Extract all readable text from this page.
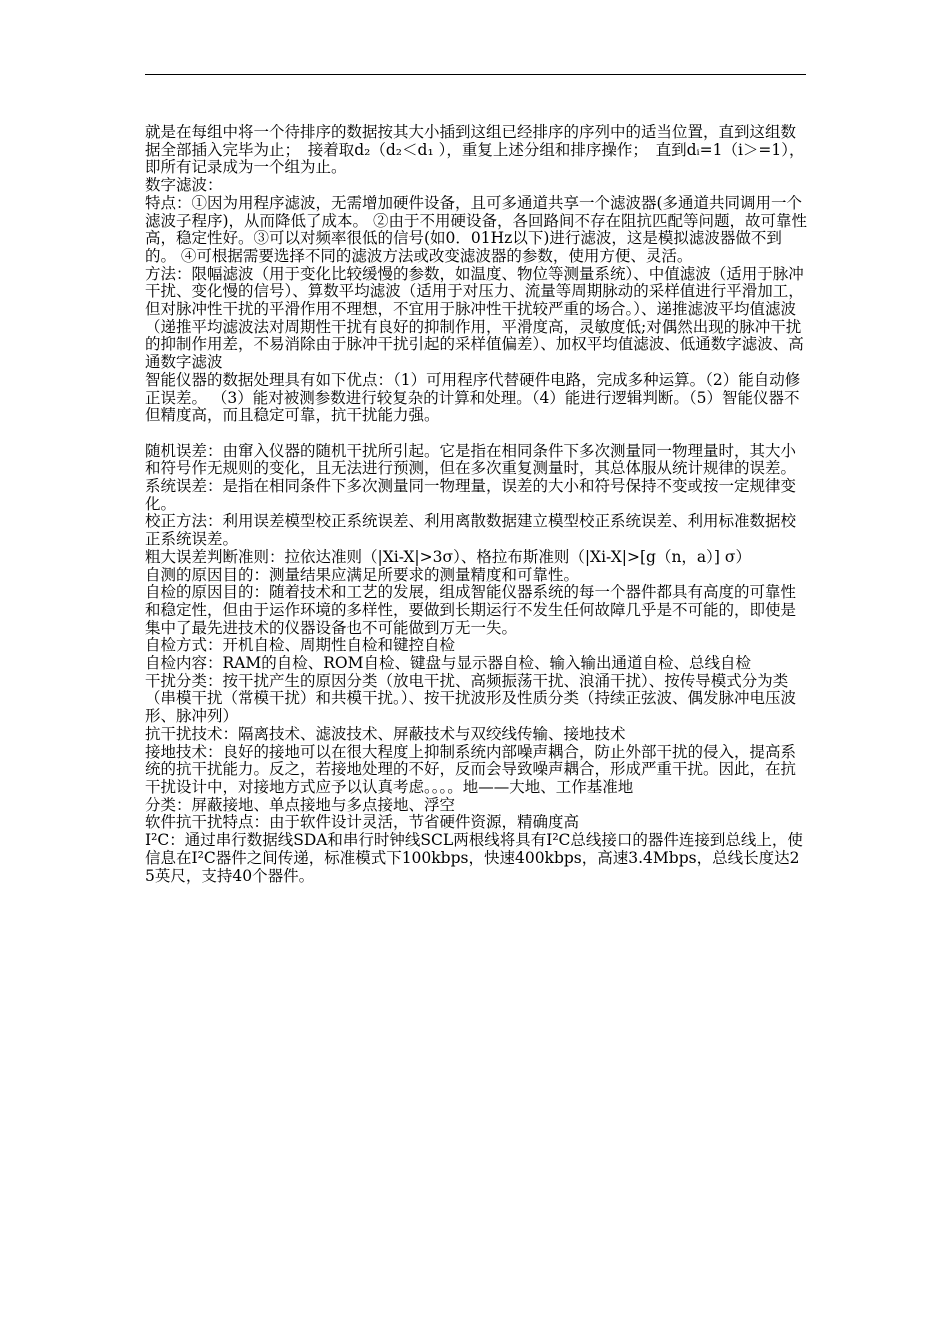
就是在每组中将一个待排序的数据按其大小插到这组已经排序的序列中的适当位置，直到这组数据全部插入完毕为止；　接着取d₂（d₂＜d₁ ），重复上述分组和排序操作；　直到dᵢ=1（i＞=1），即所有记录成为一个组为止。

数字滤波：

特点：①因为用程序滤波，无需增加硬件设备，且可多通道共享一个滤波器(多通道共同调用一个滤波子程序)，从而降低了成本。 ②由于不用硬设备，各回路间不存在阻抗匹配等问题，故可靠性高，稳定性好。③可以对频率很低的信号(如0．01Hz以下)进行滤波，这是模拟滤波器做不到的。 ④可根据需要选择不同的滤波方法或改变滤波器的参数，使用方便、灵活。

方法：限幅滤波（用于变化比较缓慢的参数，如温度、物位等测量系统）、中值滤波（适用于脉冲干扰、变化慢的信号）、算数平均滤波（适用于对压力、流量等周期脉动的采样值进行平滑加工，但对脉冲性干扰的平滑作用不理想，不宜用于脉冲性干扰较严重的场合。）、递推滤波平均值滤波（递推平均滤波法对周期性干扰有良好的抑制作用，平滑度高，灵敏度低;对偶然出现的脉冲干扰的抑制作用差，不易消除由于脉冲干扰引起的采样值偏差）、加权平均值滤波、低通数字滤波、高通数字滤波

智能仪器的数据处理具有如下优点：（1）可用程序代替硬件电路，完成多种运算。（2）能自动修正误差。 （3）能对被测参数进行较复杂的计算和处理。（4）能进行逻辑判断。（5）智能仪器不但精度高，而且稳定可靠，抗干扰能力强。

随机误差：由窜入仪器的随机干扰所引起。它是指在相同条件下多次测量同一物理量时，其大小和符号作无规则的变化，且无法进行预测，但在多次重复测量时，其总体服从统计规律的误差。

系统误差：是指在相同条件下多次测量同一物理量，误差的大小和符号保持不变或按一定规律变化。

校正方法：利用误差模型校正系统误差、利用离散数据建立模型校正系统误差、利用标准数据校正系统误差。

粗大误差判断准则：拉依达准则（|Xi-X|>3σ）、格拉布斯准则（|Xi-X|>[g（n，a）] σ）

自测的原因目的：测量结果应满足所要求的测量精度和可靠性。

自检的原因目的：随着技术和工艺的发展，组成智能仪器系统的每一个器件都具有高度的可靠性和稳定性，但由于运作环境的多样性，要做到长期运行不发生任何故障几乎是不可能的，即使是集中了最先进技术的仪器设备也不可能做到万无一失。

自检方式：开机自检、周期性自检和键控自检

自检内容：RAM的自检、ROM自检、键盘与显示器自检、输入输出通道自检、总线自检

干扰分类：按干扰产生的原因分类（放电干扰、高频振荡干扰、浪涌干扰）、按传导模式分为类（串模干扰（常模干扰）和共模干扰。）、按干扰波形及性质分类（持续正弦波、偶发脉冲电压波形、脉冲列）

抗干扰技术：隔离技术、滤波技术、屏蔽技术与双绞线传输、接地技术

接地技术：良好的接地可以在很大程度上抑制系统内部噪声耦合，防止外部干扰的侵入，提高系统的抗干扰能力。反之，若接地处理的不好，反而会导致噪声耦合，形成严重干扰。因此，在抗干扰设计中，对接地方式应予以认真考虑。。。。地——大地、工作基准地

分类：屏蔽接地、单点接地与多点接地、浮空

软件抗干扰特点：由于软件设计灵活，节省硬件资源，精确度高

I²C：通过串行数据线SDA和串行时钟线SCL两根线将具有I²C总线接口的器件连接到总线上，使信息在I²C器件之间传递，标准模式下100kbps，快速400kbps，高速3.4Mbps，总线长度达25英尺，支持40个器件。
